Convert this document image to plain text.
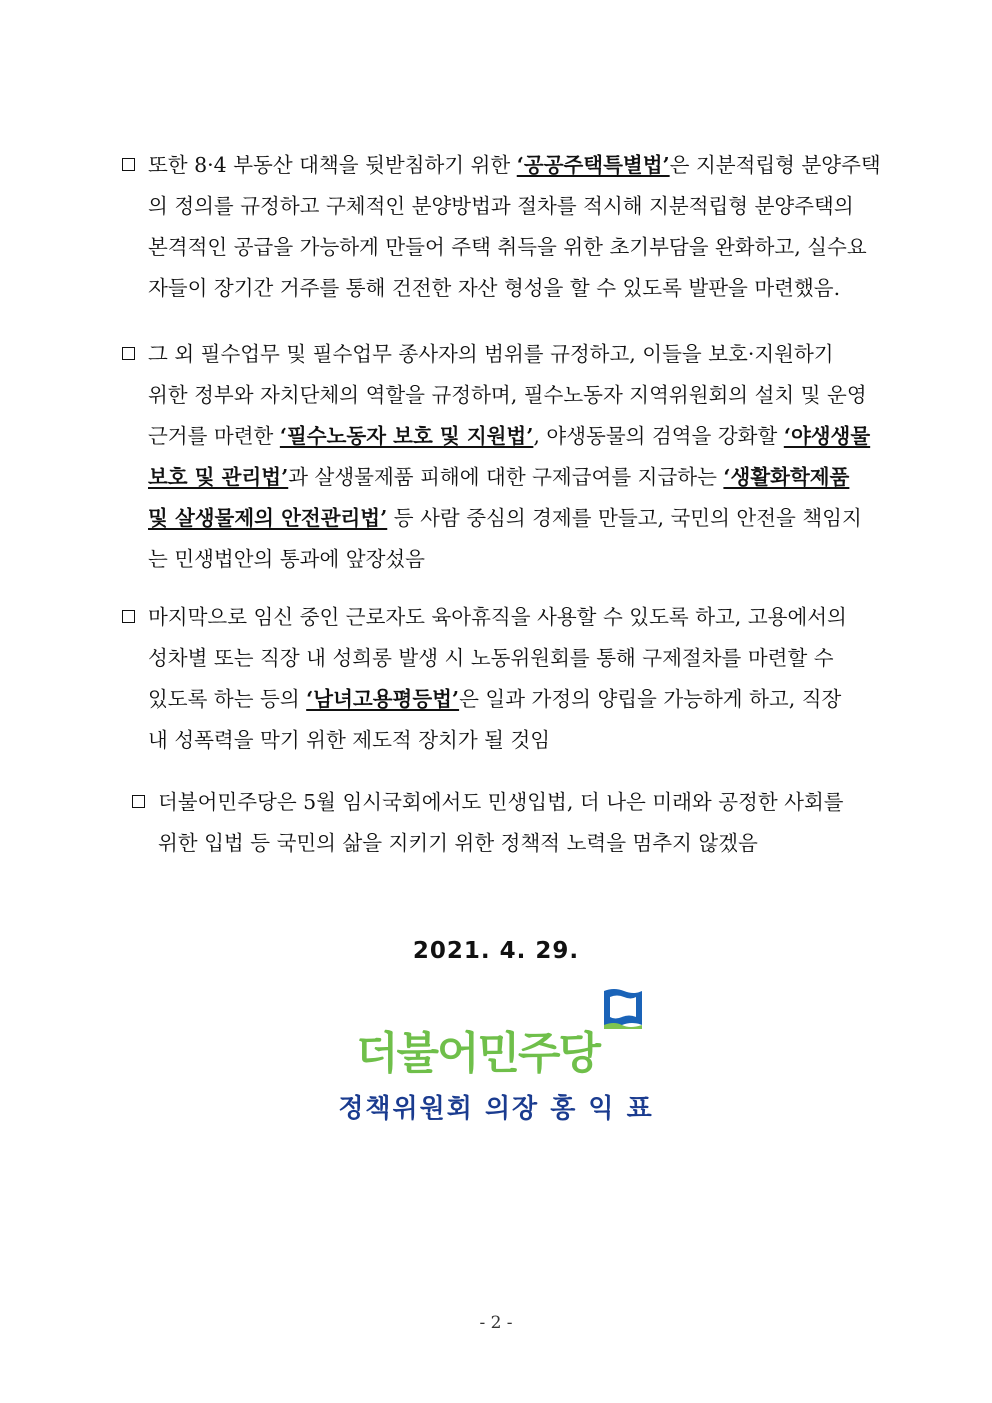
또한 8·4 부동산 대책을 뒷받침하기 위한 ‘공공주택특별법’은 지분적립형 분양주택
의 정의를 규정하고 구체적인 분양방법과 절차를 적시해 지분적립형 분양주택의
본격적인 공급을 가능하게 만들어 주택 취득을 위한 초기부담을 완화하고, 실수요
자들이 장기간 거주를 통해 건전한 자산 형성을 할 수 있도록 발판을 마련했음.
그 외 필수업무 및 필수업무 종사자의 범위를 규정하고, 이들을 보호·지원하기
위한 정부와 자치단체의 역할을 규정하며, 필수노동자 지역위원회의 설치 및 운영
근거를 마련한 ‘필수노동자 보호 및 지원법’, 야생동물의 검역을 강화할 ‘야생생물
보호 및 관리법’과 살생물제품 피해에 대한 구제급여를 지급하는 ‘생활화학제품
및 살생물제의 안전관리법’ 등 사람 중심의 경제를 만들고, 국민의 안전을 책임지
는 민생법안의 통과에 앞장섰음
마지막으로 임신 중인 근로자도 육아휴직을 사용할 수 있도록 하고, 고용에서의
성차별 또는 직장 내 성희롱 발생 시 노동위원회를 통해 구제절차를 마련할 수
있도록 하는 등의 ‘남녀고용평등법’은 일과 가정의 양립을 가능하게 하고, 직장
내 성폭력을 막기 위한 제도적 장치가 될 것임
더불어민주당은 5월 임시국회에서도 민생입법, 더 나은 미래와 공정한 사회를
위한 입법 등 국민의 삶을 지키기 위한 정책적 노력을 멈추지 않겠음
2021. 4. 29.
더불어민주당
정책위원회 의장 홍 익 표
- 2 -
